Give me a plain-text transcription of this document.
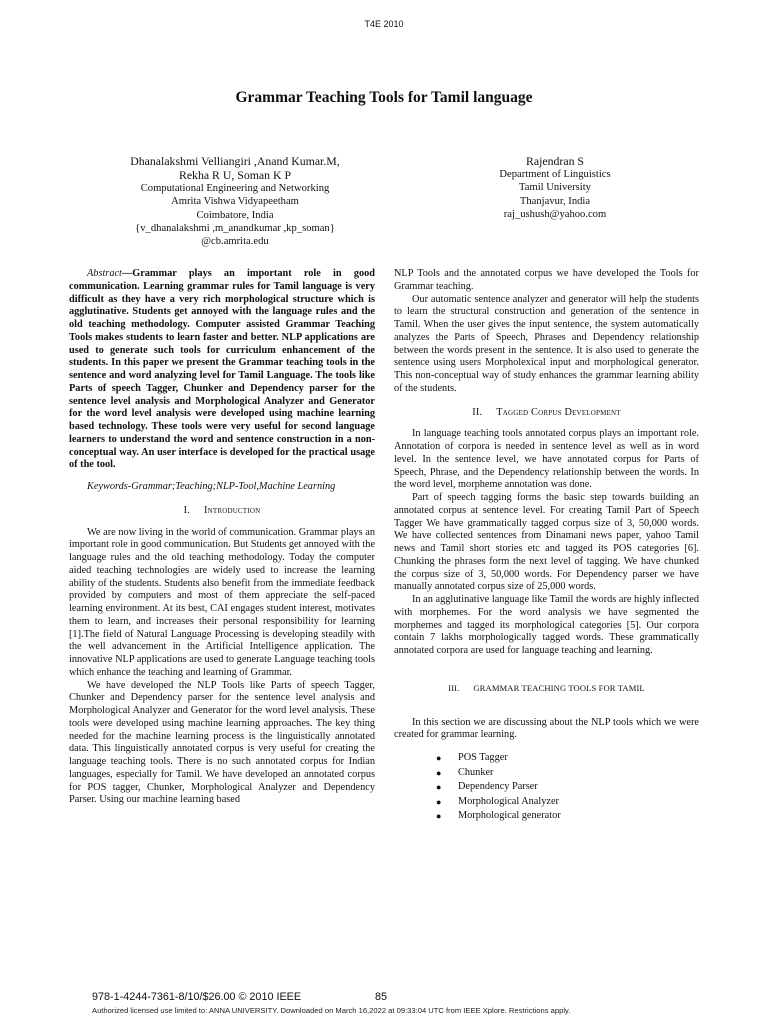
T4E 2010
Grammar Teaching Tools for Tamil language
Dhanalakshmi Velliangiri ,Anand Kumar.M,
Rekha R U, Soman K P
Computational Engineering and Networking
Amrita Vishwa Vidyapeetham
Coimbatore, India
{v_dhanalakshmi ,m_anandkumar ,kp_soman}
@cb.amrita.edu
Rajendran S
Department of Linguistics
Tamil University
Thanjavur, India
raj_ushush@yahoo.com

Abstract—Grammar plays an important role in good communication. Learning grammar rules for Tamil language is very difficult as they have a very rich morphological structure which is agglutinative. Students get annoyed with the language rules and the old teaching methodology. Computer assisted Grammar Teaching Tools makes students to learn faster and better. NLP applications are used to generate such tools for curriculum enhancement of the students. In this paper we present the Grammar teaching tools in the sentence and word analyzing level for Tamil Language. The tools like Parts of speech Tagger, Chunker and Dependency parser for the sentence level analysis and Morphological Analyzer and Generator for the word level analysis were developed using machine learning based technology. These tools were very useful for second language learners to understand the word and sentence construction in a non-conceptual way. An user interface is developed for the practical usage of the tool.

Keywords-Grammar;Teaching;NLP-Tool,Machine Learning

I. Introduction

We are now living in the world of communication. Grammar plays an important role in good communication. But Students get annoyed with the language rules and the old teaching methodology. Today the computer aided teaching technologies are widely used to increase the learning ability of the students. Students also benefit from the immediate feedback provided by computers and most of them appreciate the self-paced learning environment. At its best, CAI engages student interest, motivates them to learn, and increases their personal responsibility for learning [1].The field of Natural Language Processing is developing steadily with the well advancement in the Artificial Intelligence application. The innovative NLP applications are used to generate Language teaching tools which enhance the teaching and learning of Grammar.

We have developed the NLP Tools like Parts of speech Tagger, Chunker and Dependency parser for the sentence level analysis and Morphological Analyzer and Generator for the word level analysis. These tools were developed using machine learning approaches. The key thing needed for the machine learning process is the linguistically annotated data. This linguistically annotated corpus is very useful for creating the language teaching tools. There is no such annotated corpus for Indian languages, especially for Tamil. We have developed an annotated corpus for POS tagger, Chunker, Morphological Analyzer and Dependency Parser. Using our machine learning based

NLP Tools and the annotated corpus we have developed the Tools for Grammar teaching.

Our automatic sentence analyzer and generator will help the students to learn the structural construction and generation of the sentence in Tamil. When the user gives the input sentence, the system automatically analyzes the Parts of Speech, Phrases and Dependency relationship between the words present in the sentence. It is also used to generate the sentence using users Morpholexical input and morphological generator. This non-conceptual way of study enhances the grammar learning ability of the students.

II. Tagged Corpus Development

In language teaching tools annotated corpus plays an important role. Annotation of corpora is needed in sentence level as well as in word level. In the sentence level, we have annotated corpus for Parts of Speech, Phrase, and the Dependency relationship between the words. In the word level, morpheme annotation was done.

Part of speech tagging forms the basic step towards building an annotated corpus at sentence level. For creating Tamil Part of Speech Tagger We have grammatically tagged corpus size of 3, 50,000 words. We have collected sentences from Dinamani news paper, yahoo Tamil news and Tamil short stories etc and tagged its POS categories [6]. Chunking the phrases form the next level of tagging. We have chunked the corpus size of 3, 50,000 words. For Dependency parser we have manually annotated corpus size of 25,000 words.

In an agglutinative language like Tamil the words are highly inflected with morphemes. For the word analysis we have segmented the morphemes and tagged its morphological categories [5]. Our corpora contain 7 lakhs morphologically tagged words. These grammatically annotated corpora are used for language teaching and learning.

III. GRAMMAR TEACHING TOOLS FOR TAMIL

In this section we are discussing about the NLP tools which we were created for grammar learning.

● POS Tagger
● Chunker
● Dependency Parser
● Morphological Analyzer
● Morphological generator
978-1-4244-7361-8/10/$26.00 © 2010 IEEE	85
Authorized licensed use limited to: ANNA UNIVERSITY. Downloaded on March 16,2022 at 09:33:04 UTC from IEEE Xplore. Restrictions apply.
